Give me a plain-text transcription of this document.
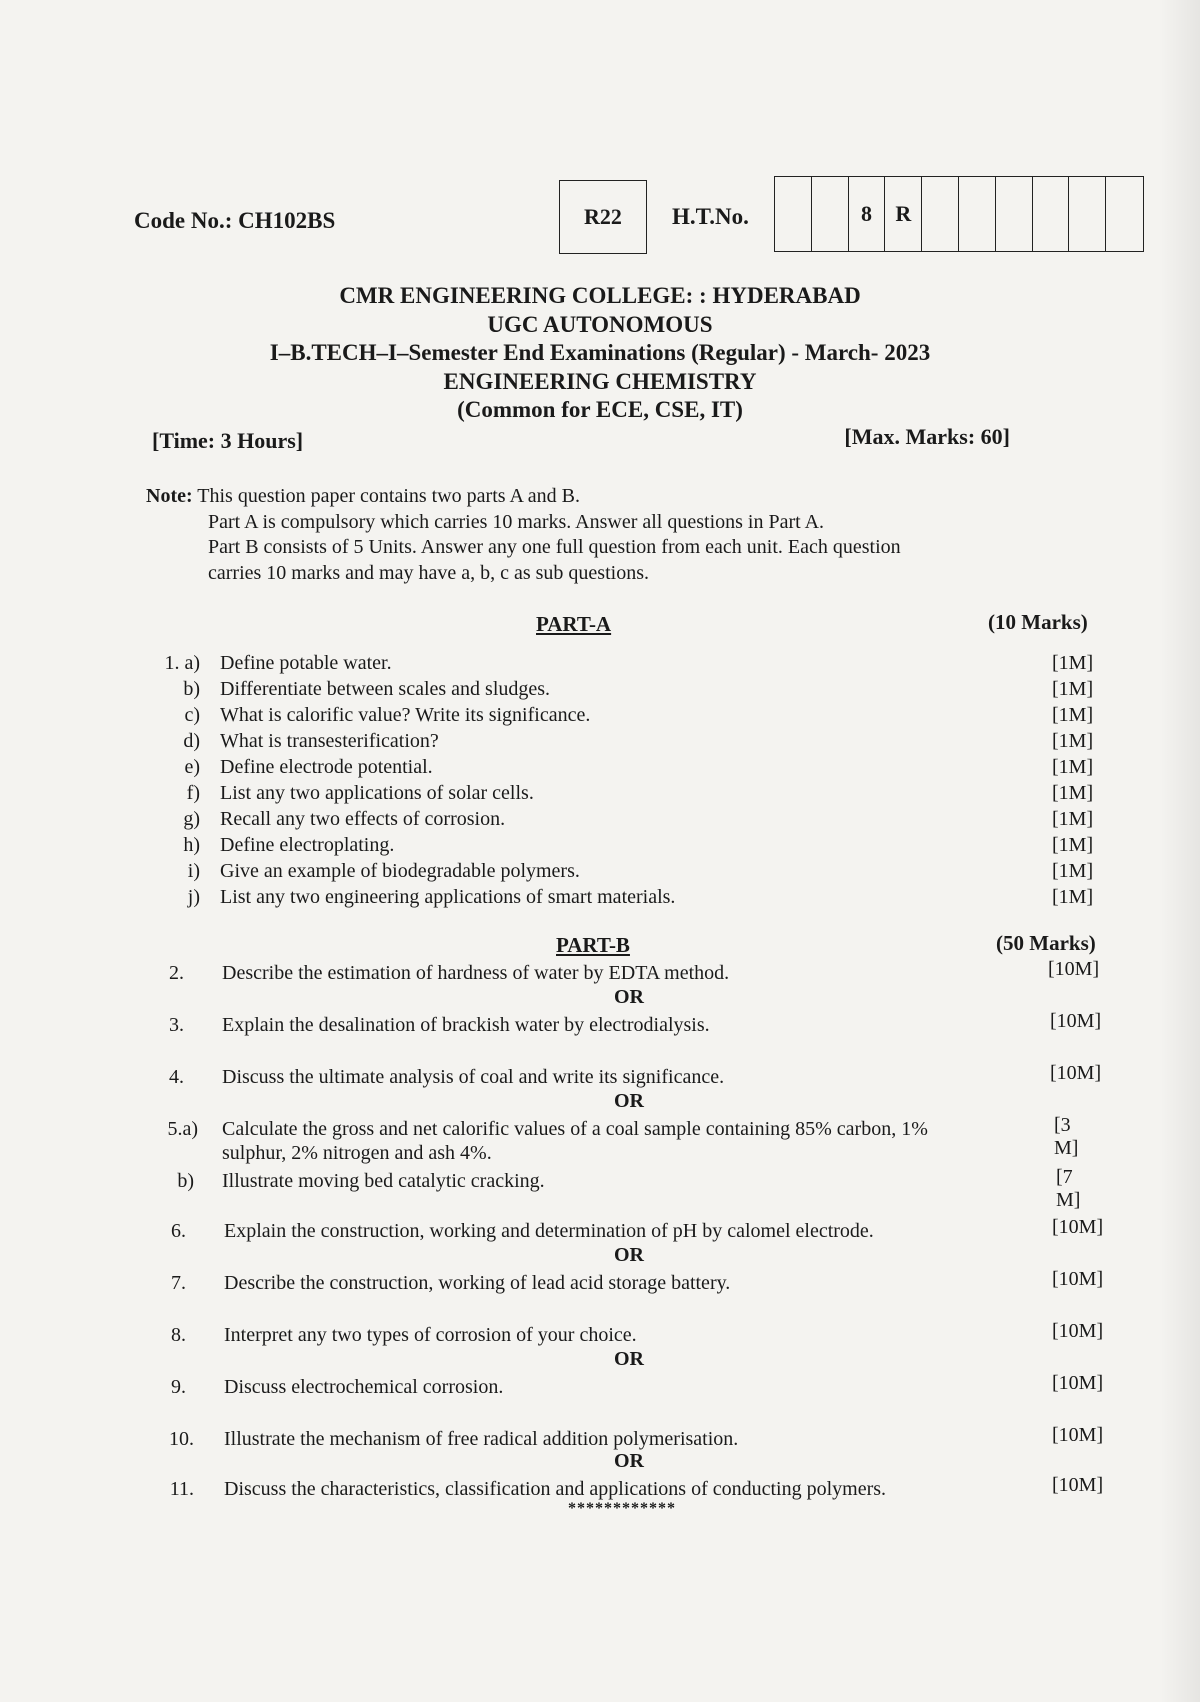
Code No.: CH102BS	R22 H.T.No.	8	R
CMR ENGINEERING COLLEGE: : HYDERABAD
UGC AUTONOMOUS
I–B.TECH–I–Semester End Examinations (Regular) - March- 2023
ENGINEERING CHEMISTRY
(Common for ECE, CSE, IT)
[Time: 3 Hours]	[Max. Marks: 60]
Note: This question paper contains two parts A and B.
Part A is compulsory which carries 10 marks. Answer all questions in Part A.
Part B consists of 5 Units. Answer any one full question from each unit. Each question
carries 10 marks and may have a, b, c as sub questions.
PART-A	(10 Marks)
1. a) Define potable water.	[1M]
b) Differentiate between scales and sludges.	[1M]
c) What is calorific value? Write its significance.	[1M]
d) What is transesterification?	[1M]
e) Define electrode potential.	[1M]
f) List any two applications of solar cells.	[1M]
g) Recall any two effects of corrosion.	[1M]
h) Define electroplating.	[1M]
i) Give an example of biodegradable polymers.	[1M]
j) List any two engineering applications of smart materials.	[1M]
PART-B	(50 Marks)
2. Describe the estimation of hardness of water by EDTA method.	[10M]
OR
3. Explain the desalination of brackish water by electrodialysis.	[10M]
4. Discuss the ultimate analysis of coal and write its significance.	[10M]
OR
5.a) Calculate the gross and net calorific values of a coal sample containing 85% carbon, 1%
sulphur, 2% nitrogen and ash 4%.
[3 M]
b) Illustrate moving bed catalytic cracking.	[7 M]
6. Explain the construction, working and determination of pH by calomel electrode.	[10M]
OR
7. Describe the construction, working of lead acid storage battery.	[10M]
8. Interpret any two types of corrosion of your choice.	[10M]
OR
9. Discuss electrochemical corrosion.	[10M]
10. Illustrate the mechanism of free radical addition polymerisation.	[10M]
OR
11. Discuss the characteristics, classification and applications of conducting polymers.	[10M]
************
